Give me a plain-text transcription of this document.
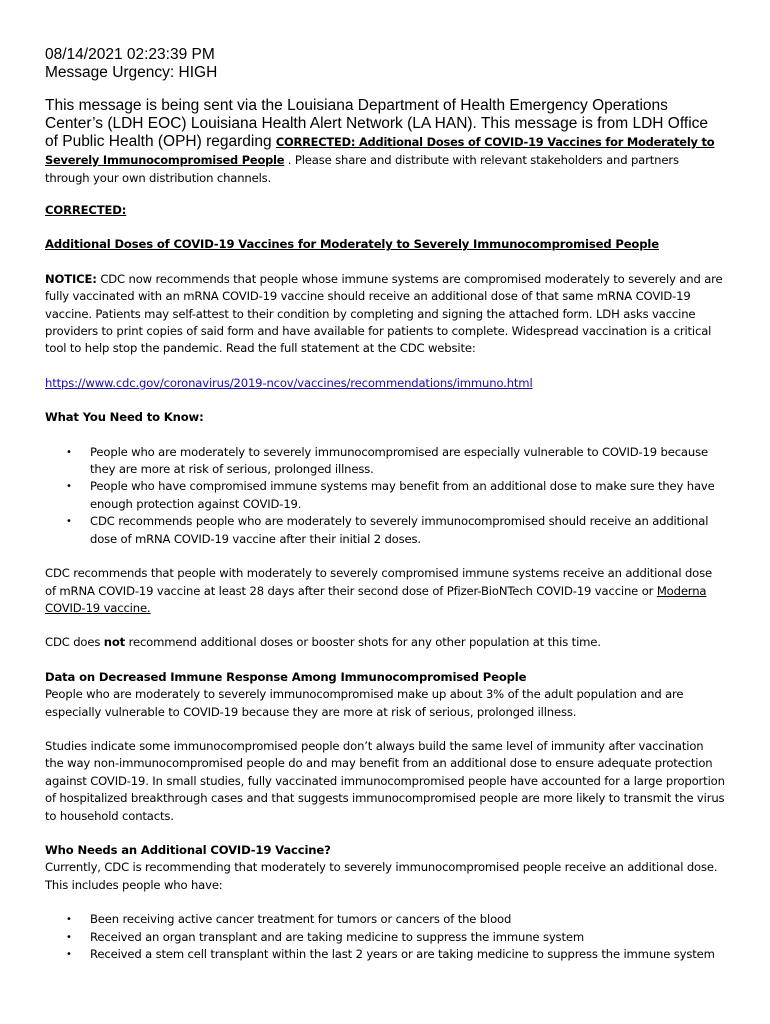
08/14/2021 02:23:39 PM

Message Urgency: HIGH

This message is being sent via the Louisiana Department of Health Emergency Operations Center’s (LDH EOC) Louisiana Health Alert Network (LA HAN). This message is from LDH Office of Public Health (OPH) regarding CORRECTED: Additional Doses of COVID-19 Vaccines for Moderately to Severely Immunocompromised People . Please share and distribute with relevant stakeholders and partners through your own distribution channels.

CORRECTED:

Additional Doses of COVID-19 Vaccines for Moderately to Severely Immunocompromised People

NOTICE: CDC now recommends that people whose immune systems are compromised moderately to severely and are fully vaccinated with an mRNA COVID-19 vaccine should receive an additional dose of that same mRNA COVID-19 vaccine. Patients may self-attest to their condition by completing and signing the attached form. LDH asks vaccine providers to print copies of said form and have available for patients to complete. Widespread vaccination is a critical tool to help stop the pandemic. Read the full statement at the CDC website:

https://www.cdc.gov/coronavirus/2019-ncov/vaccines/recommendations/immuno.html

What You Need to Know:

• People who are moderately to severely immunocompromised are especially vulnerable to COVID-19 because they are more at risk of serious, prolonged illness.
• People who have compromised immune systems may benefit from an additional dose to make sure they have enough protection against COVID-19.
• CDC recommends people who are moderately to severely immunocompromised should receive an additional dose of mRNA COVID-19 vaccine after their initial 2 doses.

CDC recommends that people with moderately to severely compromised immune systems receive an additional dose of mRNA COVID-19 vaccine at least 28 days after their second dose of Pfizer-BioNTech COVID-19 vaccine or Moderna COVID-19 vaccine.

CDC does not recommend additional doses or booster shots for any other population at this time.

Data on Decreased Immune Response Among Immunocompromised People

People who are moderately to severely immunocompromised make up about 3% of the adult population and are especially vulnerable to COVID-19 because they are more at risk of serious, prolonged illness.

Studies indicate some immunocompromised people don’t always build the same level of immunity after vaccination the way non-immunocompromised people do and may benefit from an additional dose to ensure adequate protection against COVID-19. In small studies, fully vaccinated immunocompromised people have accounted for a large proportion of hospitalized breakthrough cases and that suggests immunocompromised people are more likely to transmit the virus to household contacts.

Who Needs an Additional COVID-19 Vaccine?

Currently, CDC is recommending that moderately to severely immunocompromised people receive an additional dose. This includes people who have:

• Been receiving active cancer treatment for tumors or cancers of the blood
• Received an organ transplant and are taking medicine to suppress the immune system
• Received a stem cell transplant within the last 2 years or are taking medicine to suppress the immune system
